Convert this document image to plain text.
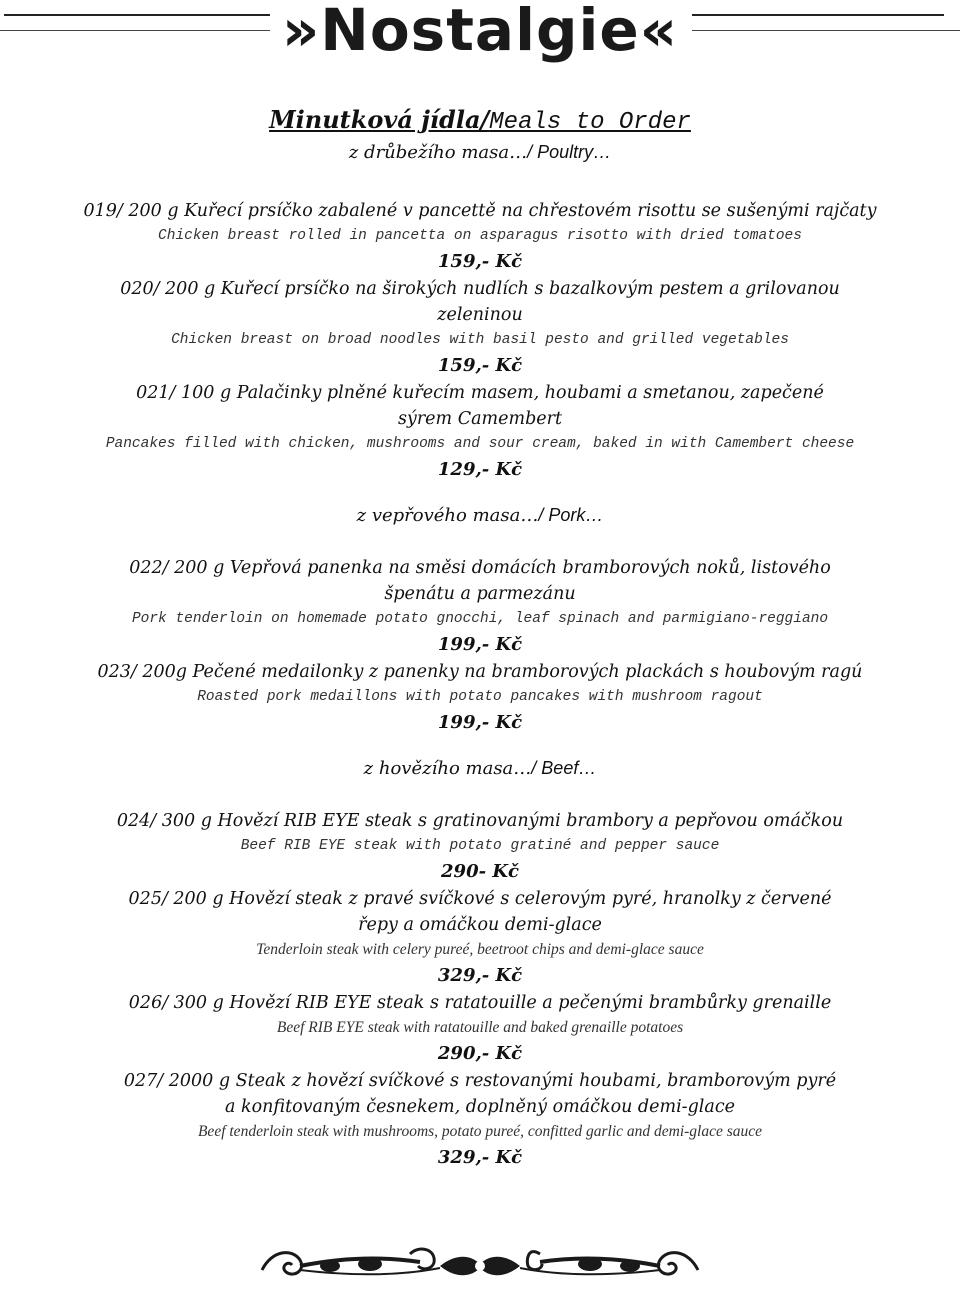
»Nostalgie«

Minutková jídla/Meals to Order

z drůbežího masa…/ Poultry…

019/ 200 g Kuřecí prsíčko zabalené v pancettě na chřestovém risottu se sušenými rajčaty

Chicken breast rolled in pancetta on asparagus risotto with dried tomatoes

159,- Kč

020/ 200 g Kuřecí prsíčko na širokých nudlích s bazalkovým pestem a grilovanou zeleninou

Chicken breast on broad noodles with basil pesto and grilled vegetables

159,- Kč

021/ 100 g Palačinky plněné kuřecím masem, houbami a smetanou, zapečené sýrem Camembert

Pancakes filled with chicken, mushrooms and sour cream, baked in with Camembert cheese

129,- Kč

z vepřového masa…/ Pork…

022/ 200 g Vepřová panenka na směsi domácích bramborových noků, listového špenátu a parmezánu

Pork tenderloin on homemade potato gnocchi, leaf spinach and parmigiano-reggiano

199,- Kč

023/ 200g Pečené medailonky z panenky na bramborových plackách s houbovým ragú

Roasted pork medaillons with potato pancakes with mushroom ragout

199,- Kč

z hovězího masa…/ Beef…

024/ 300 g Hovězí RIB EYE steak s gratinovanými brambory a pepřovou omáčkou

Beef RIB EYE steak with potato gratiné and pepper sauce

290- Kč

025/ 200 g Hovězí steak z pravé svíčkové s celerovým pyré, hranolky z červené řepy a omáčkou demi-glace

Tenderloin steak with celery pureé, beetroot chips and demi-glace sauce

329,- Kč

026/ 300 g Hovězí RIB EYE steak s ratatouille a pečenými brambůrky grenaille

Beef RIB EYE steak with ratatouille and baked grenaille potatoes

290,- Kč

027/ 2000 g Steak z hovězí svíčkové s restovanými houbami, bramborovým pyré a konfitovaným česnekem, doplněný omáčkou demi-glace

Beef tenderloin steak with mushrooms, potato pureé, confitted garlic and demi-glace sauce

329,- Kč
